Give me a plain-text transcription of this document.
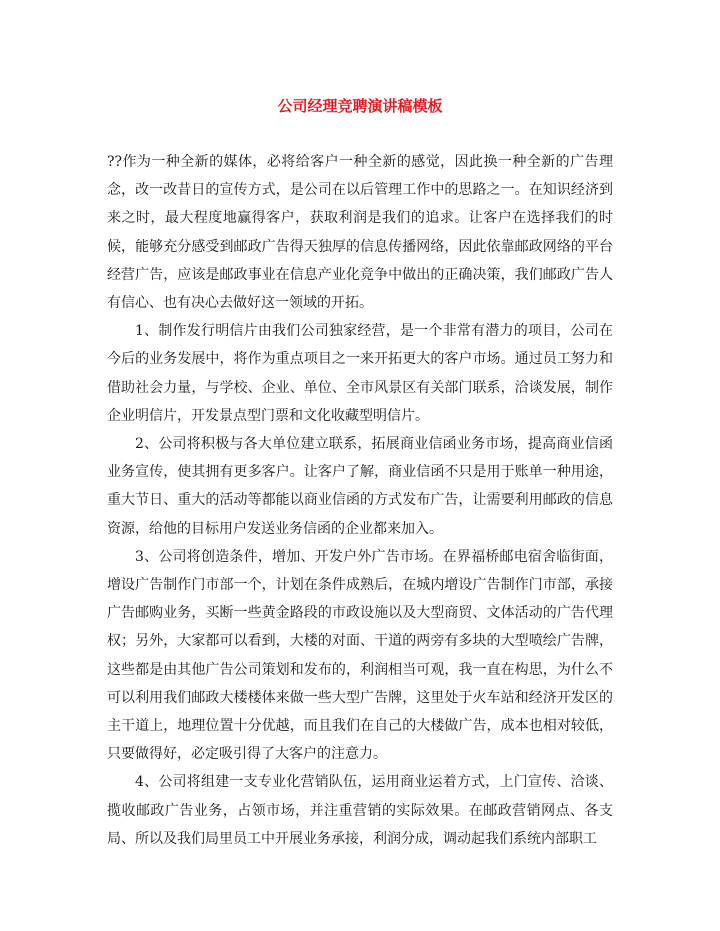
公司经理竞聘演讲稿模板

??作为一种全新的媒体，必将给客户一种全新的感觉，因此换一种全新的广告理念，改一改昔日的宣传方式，是公司在以后管理工作中的思路之一。在知识经济到来之时，最大程度地赢得客户，获取利润是我们的追求。让客户在选择我们的时候，能够充分感受到邮政广告得天独厚的信息传播网络，因此依靠邮政网络的平台经营广告，应该是邮政事业在信息产业化竞争中做出的正确决策，我们邮政广告人有信心、也有决心去做好这一领域的开拓。

1、制作发行明信片由我们公司独家经营，是一个非常有潜力的项目，公司在今后的业务发展中，将作为重点项目之一来开拓更大的客户市场。通过员工努力和借助社会力量，与学校、企业、单位、全市风景区有关部门联系，洽谈发展，制作企业明信片，开发景点型门票和文化收藏型明信片。

2、公司将积极与各大单位建立联系，拓展商业信函业务市场，提高商业信函业务宣传，使其拥有更多客户。让客户了解，商业信函不只是用于账单一种用途，重大节日、重大的活动等都能以商业信函的方式发布广告，让需要利用邮政的信息资源，给他的目标用户发送业务信函的企业都来加入。

3、公司将创造条件，增加、开发户外广告市场。在界福桥邮电宿舍临街面，增设广告制作门市部一个，计划在条件成熟后，在城内增设广告制作门市部，承接广告邮购业务，买断一些黄金路段的市政设施以及大型商贸、文体活动的广告代理权；另外，大家都可以看到，大楼的对面、干道的两旁有多块的大型喷绘广告牌，这些都是由其他广告公司策划和发布的，利润相当可观，我一直在构思，为什么不可以利用我们邮政大楼楼体来做一些大型广告牌，这里处于火车站和经济开发区的主干道上，地理位置十分优越，而且我们在自己的大楼做广告，成本也相对较低，只要做得好，必定吸引得了大客户的注意力。

4、公司将组建一支专业化营销队伍，运用商业运着方式，上门宣传、洽谈、揽收邮政广告业务，占领市场，并注重营销的实际效果。在邮政营销网点、各支局、所以及我们局里员工中开展业务承接，利润分成，调动起我们系统内部职工
